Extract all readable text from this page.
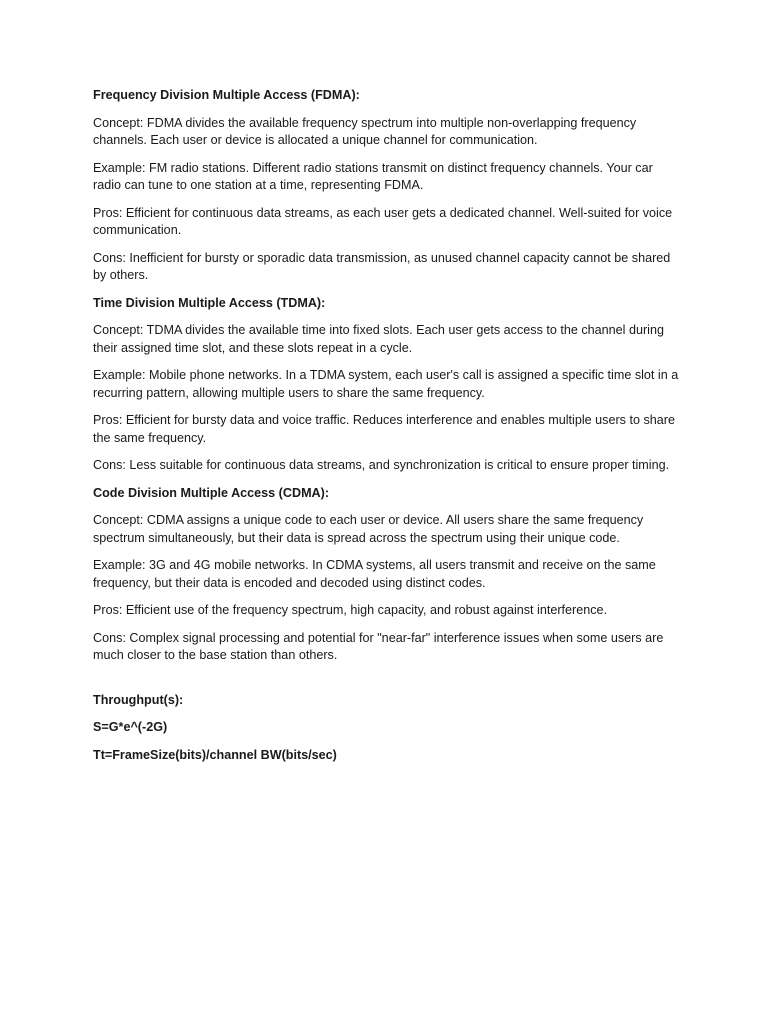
Frequency Division Multiple Access (FDMA):

Concept: FDMA divides the available frequency spectrum into multiple non-overlapping frequency channels. Each user or device is allocated a unique channel for communication.

Example: FM radio stations. Different radio stations transmit on distinct frequency channels. Your car radio can tune to one station at a time, representing FDMA.

Pros: Efficient for continuous data streams, as each user gets a dedicated channel. Well-suited for voice communication.

Cons: Inefficient for bursty or sporadic data transmission, as unused channel capacity cannot be shared by others.

Time Division Multiple Access (TDMA):

Concept: TDMA divides the available time into fixed slots. Each user gets access to the channel during their assigned time slot, and these slots repeat in a cycle.

Example: Mobile phone networks. In a TDMA system, each user's call is assigned a specific time slot in a recurring pattern, allowing multiple users to share the same frequency.

Pros: Efficient for bursty data and voice traffic. Reduces interference and enables multiple users to share the same frequency.

Cons: Less suitable for continuous data streams, and synchronization is critical to ensure proper timing.

Code Division Multiple Access (CDMA):

Concept: CDMA assigns a unique code to each user or device. All users share the same frequency spectrum simultaneously, but their data is spread across the spectrum using their unique code.

Example: 3G and 4G mobile networks. In CDMA systems, all users transmit and receive on the same frequency, but their data is encoded and decoded using distinct codes.

Pros: Efficient use of the frequency spectrum, high capacity, and robust against interference.

Cons: Complex signal processing and potential for "near-far" interference issues when some users are much closer to the base station than others.

Throughput(s):

S=G*e^(-2G)

Tt=FrameSize(bits)/channel BW(bits/sec)
